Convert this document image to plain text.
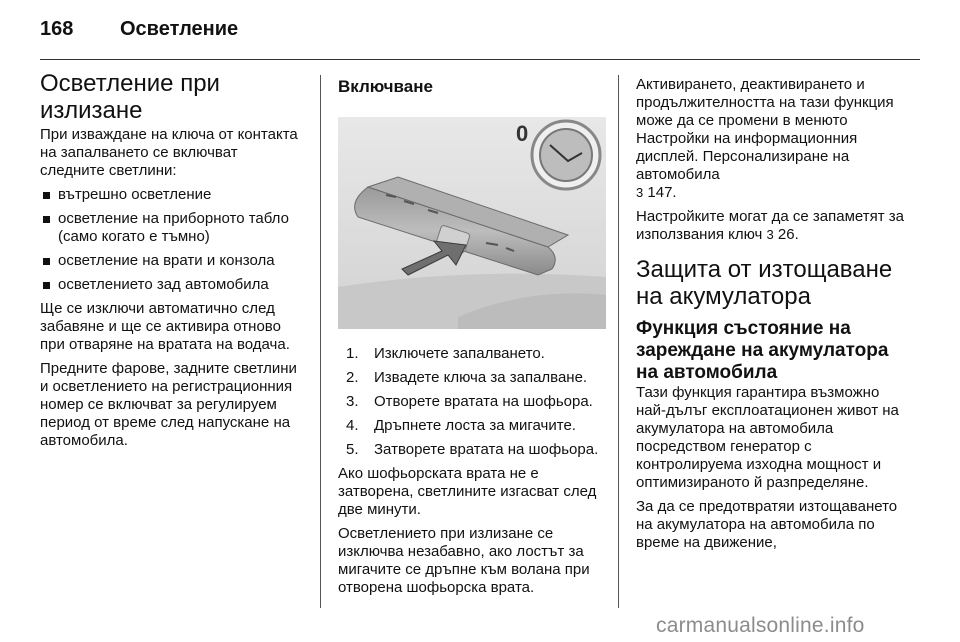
168 Осветление
Осветление при излизане

При изваждане на ключа от контакта на запалването се включват следните светлини:

вътрешно осветление
осветление на приборното табло (само когато е тъмно)
осветление на врати и конзола
осветлението зад автомобила

Ще се изключи автоматично след забавяне и ще се активира отново при отваряне на вратата на водача.

Предните фарове, задните светлини и осветлението на регистрационния номер се включват за регулируем период от време след напускане на автомобила.

Включване
0
1. Изключете запалването.
2. Извадете ключа за запалване.
3. Отворете вратата на шофьора.
4. Дръпнете лоста за мигачите.
5. Затворете вратата на шофьора.

Ако шофьорската врата не е затворена, светлините изгасват след две минути.

Осветлението при излизане се изключва незабавно, ако лостът за мигачите се дръпне към волана при отворена шофьорска врата.

Активирането, деактивирането и продължителността на тази функция може да се промени в менюто Настройки на информационния дисплей. Персонализиране на автомобила
3 147.

Настройките могат да се запаметят за използвания ключ 3 26.

Защита от изтощаване на акумулатора
Функция състояние на зареждане на акумулатора на автомобила

Тази функция гарантира възможно най-дълъг експлоатационен живот на акумулатора на автомобила посредством генератор с контролируема изходна мощност и оптимизираното й разпределяне.

За да се предотвратяи изтощаването на акумулатора на автомобила по време на движение,

carmanualsonline.info
